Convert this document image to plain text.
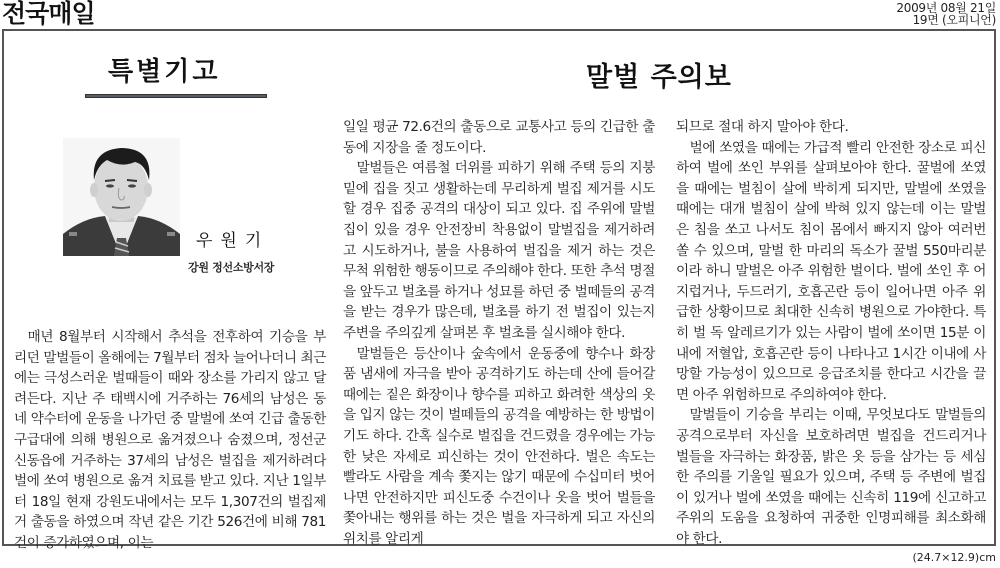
전국매일	2009년 08월 21일
19면 (오피니언)
특별기고	말벌 주의보
우원기
강원 정선소방서장

매년 8월부터 시작해서 추석을 전후하여 기승을 부리던 말벌들이 올해에는 7월부터 점차 늘어나더니 최근에는 극성스러운 벌때들이 때와 장소를 가리지 않고 달려든다. 지난 주 태백시에 거주하는 76세의 남성은 동네 약수터에 운동을 나가던 중 말벌에 쏘여 긴급 출동한 구급대에 의해 병원으로 옮겨졌으나 숨졌으며, 정선군 신동읍에 거주하는 37세의 남성은 벌집을 제거하려다 벌에 쏘여 병원으로 옮겨 치료를 받고 있다. 지난 1일부터 18일 현재 강원도내에서는 모두 1,307건의 벌집제거 출동을 하였으며 작년 같은 기간 526건에 비해 781건이 증가하였으며, 이는

일일 평균 72.6건의 출동으로 교통사고 등의 긴급한 출동에 지장을 줄 정도이다.

말벌들은 여름철 더위를 피하기 위해 주택 등의 지붕 밑에 집을 짓고 생활하는데 무리하게 벌집 제거를 시도할 경우 집중 공격의 대상이 되고 있다. 집 주위에 말벌집이 있을 경우 안전장비 착용없이 말벌집을 제거하려고 시도하거나, 불을 사용하여 벌집을 제거 하는 것은 무척 위험한 행동이므로 주의해야 한다. 또한 추석 명절을 앞두고 벌초를 하거나 성묘를 하던 중 벌떼들의 공격을 받는 경우가 많은데, 벌초를 하기 전 벌집이 있는지 주변을 주의깊게 살펴본 후 벌초를 실시해야 한다.

말벌들은 등산이나 숲속에서 운동중에 향수나 화장품 냄새에 자극을 받아 공격하기도 하는데 산에 들어갈 때에는 짙은 화장이나 향수를 피하고 화려한 색상의 옷을 입지 않는 것이 벌떼들의 공격을 예방하는 한 방법이기도 하다. 간혹 실수로 벌집을 건드렸을 경우에는 가능한 낮은 자세로 피신하는 것이 안전하다. 벌은 속도는 빨라도 사람을 계속 쫓지는 않기 때문에 수십미터 벗어나면 안전하지만 피신도중 수건이나 옷을 벗어 벌들을 쫓아내는 행위를 하는 것은 벌을 자극하게 되고 자신의 위치를 알리게

되므로 절대 하지 말아야 한다.

벌에 쏘였을 때에는 가급적 빨리 안전한 장소로 피신하여 벌에 쏘인 부위를 살펴보아야 한다. 꿀벌에 쏘였을 때에는 벌침이 살에 박히게 되지만, 말벌에 쏘였을 때에는 대개 벌침이 살에 박혀 있지 않는데 이는 말벌은 침을 쏘고 나서도 침이 몸에서 빠지지 않아 여러번 쏠 수 있으며, 말벌 한 마리의 독소가 꿀벌 550마리분이라 하니 말벌은 아주 위험한 벌이다. 벌에 쏘인 후 어지럽거나, 두드러기, 호흡곤란 등이 일어나면 아주 위급한 상황이므로 최대한 신속히 병원으로 가야한다. 특히 벌 독 알레르기가 있는 사람이 벌에 쏘이면 15분 이내에 저혈압, 호흡곤란 등이 나타나고 1시간 이내에 사망할 가능성이 있으므로 응급조치를 한다고 시간을 끌면 아주 위험하므로 주의하여야 한다.

말벌들이 기승을 부리는 이때, 무엇보다도 말벌들의 공격으로부터 자신을 보호하려면 벌집을 건드리거나 벌들을 자극하는 화장품, 밝은 옷 등을 삼가는 등 세심한 주의를 기울일 필요가 있으며, 주택 등 주변에 벌집이 있거나 벌에 쏘였을 때에는 신속히 119에 신고하고 주위의 도움을 요청하여 귀중한 인명피해를 최소화해야 한다.

(24.7×12.9)cm
